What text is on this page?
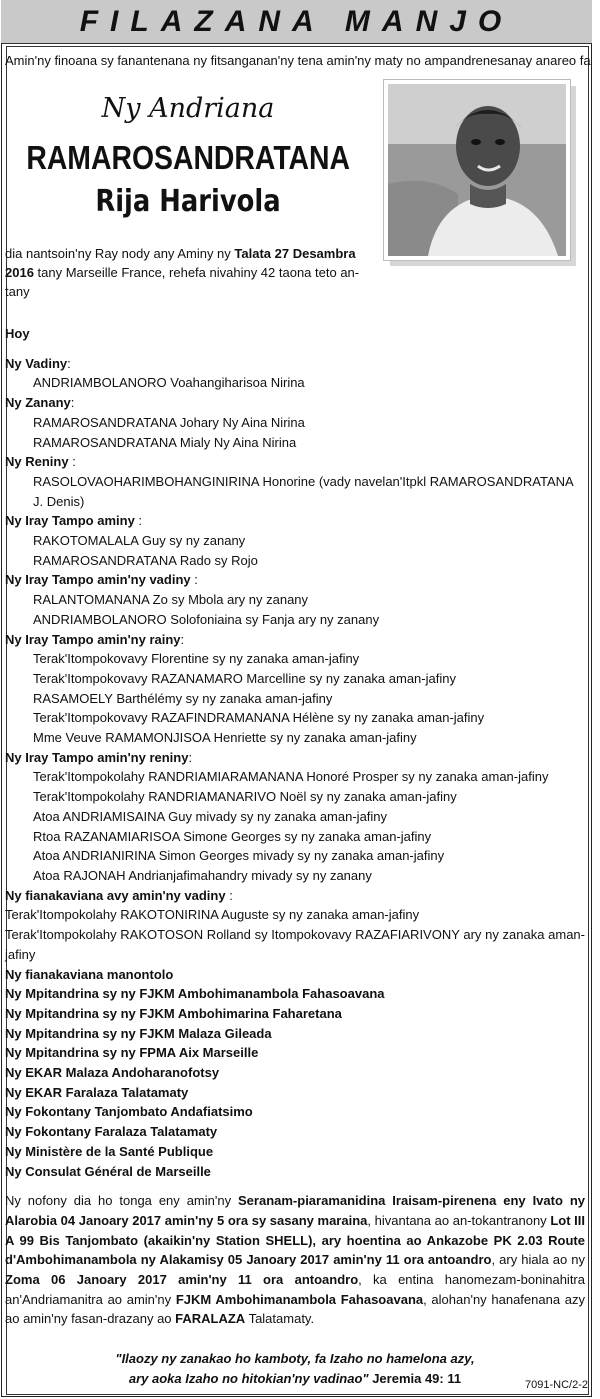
FILAZANA MANJO
Amin'ny finoana sy fanantenana ny fitsanganan'ny tena amin'ny maty no ampandrenesanay anareo fa
Ny Andriana
RAMAROSANDRATANA
Rija Harivola
dia nantsoin'ny Ray nody any Aminy ny Talata 27 Desambra 2016 tany Marseille France, rehefa nivahiny 42 taona teto an-tany

Hoy

Ny Vadiny:

ANDRIAMBOLANORO Voahangiharisoa Nirina

Ny Zanany:

RAMAROSANDRATANA Johary Ny Aina Nirina

RAMAROSANDRATANA Mialy Ny Aina Nirina

Ny Reniny :

RASOLOVAOHARIMBOHANGINIRINA Honorine (vady navelan'Itpkl RAMAROSANDRATANA J. Denis)

Ny Iray Tampo aminy :

RAKOTOMALALA Guy sy ny zanany

RAMAROSANDRATANA Rado sy Rojo

Ny Iray Tampo amin'ny vadiny :

RALANTOMANANA Zo sy Mbola ary ny zanany

ANDRIAMBOLANORO Solofoniaina sy Fanja ary ny zanany

Ny Iray Tampo amin'ny rainy:

Terak'Itompokovavy Florentine sy ny zanaka aman-jafiny

Terak'Itompokovavy RAZANAMARO Marcelline sy ny zanaka aman-jafiny

RASAMOELY Barthélémy sy ny zanaka aman-jafiny

Terak'Itompokovavy RAZAFINDRAMANANA Hélène sy ny zanaka aman-jafiny

Mme Veuve RAMAMONJISOA Henriette sy ny zanaka aman-jafiny

Ny Iray Tampo amin'ny reniny:

Terak'Itompokolahy RANDRIAMIARAMANANA Honoré Prosper sy ny zanaka aman-jafiny

Terak'Itompokolahy RANDRIAMANARIVO Noël sy ny zanaka aman-jafiny

Atoa ANDRIAMISAINA Guy mivady sy ny zanaka aman-jafiny

Rtoa RAZANAMIARISOA Simone Georges sy ny zanaka aman-jafiny

Atoa ANDRIANIRINA Simon Georges mivady sy ny zanaka aman-jafiny

Atoa RAJONAH Andrianjafimahandry mivady sy ny zanany

Ny fianakaviana avy amin'ny vadiny :

Terak'Itompokolahy RAKOTONIRINA Auguste sy ny zanaka aman-jafiny

Terak'Itompokolahy RAKOTOSON Rolland sy Itompokovavy RAZAFIARIVONY ary ny zanaka aman-jafiny

Ny fianakaviana manontolo

Ny Mpitandrina sy ny FJKM Ambohimanambola Fahasoavana

Ny Mpitandrina sy ny FJKM Ambohimarina Faharetana

Ny Mpitandrina sy ny FJKM Malaza Gileada

Ny Mpitandrina sy ny FPMA Aix Marseille

Ny EKAR Malaza Andoharanofotsy

Ny EKAR Faralaza Talatamaty

Ny Fokontany Tanjombato Andafiatsimo

Ny Fokontany Faralaza Talatamaty

Ny Ministère de la Santé Publique

Ny Consulat Général de Marseille

Ny nofony dia ho tonga eny amin'ny Seranam-piaramanidina Iraisam-pirenena eny Ivato ny Alarobia 04 Janoary 2017 amin'ny 5 ora sy sasany maraina, hivantana ao an-tokantranony Lot III A 99 Bis Tanjombato (akaikin'ny Station SHELL), ary hoentina ao Ankazobe PK 2.03 Route d'Ambohimanambola ny Alakamisy 05 Janoary 2017 amin'ny 11 ora antoandro, ary hiala ao ny Zoma 06 Janoary 2017 amin'ny 11 ora antoandro, ka entina hanomezam-boninahitra an'Andriamanitra ao amin'ny FJKM Ambohimanambola Fahasoavana, alohan'ny hanafenana azy ao amin'ny fasan-drazany ao FARALAZA Talatamaty.

"Ilaozy ny zanakao ho kamboty, fa Izaho no hamelona azy,
ary aoka Izaho no hitokian'ny vadinao" Jeremia 49: 11	7091-NC/2-2
